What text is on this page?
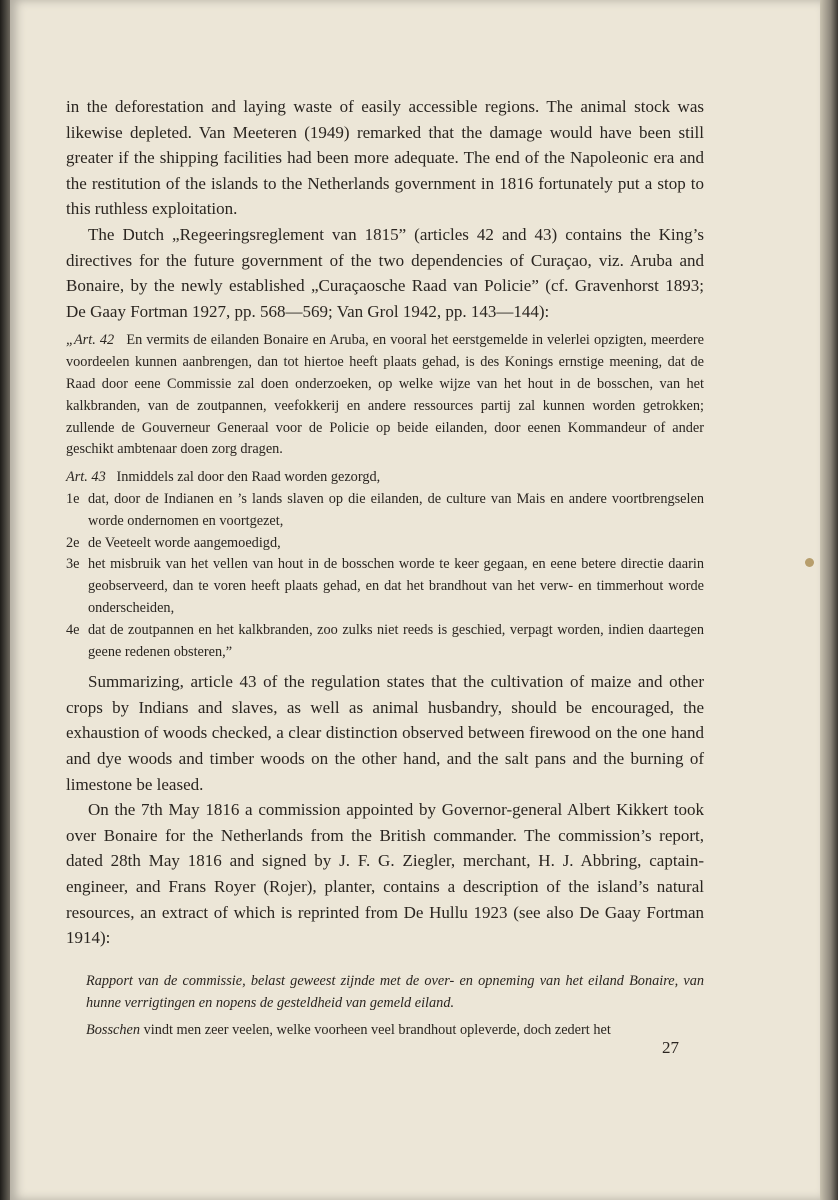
in the deforestation and laying waste of easily accessible regions. The animal stock was likewise depleted. Van Meeteren (1949) remarked that the damage would have been still greater if the shipping facilities had been more adequate. The end of the Napoleonic era and the restitution of the islands to the Netherlands government in 1816 fortunately put a stop to this ruthless exploitation.

The Dutch „Regeeringsreglement van 1815” (articles 42 and 43) contains the King’s directives for the future government of the two dependencies of Curaçao, viz. Aruba and Bonaire, by the newly established „Curaçaosche Raad van Policie” (cf. Gravenhorst 1893; De Gaay Fortman 1927, pp. 568—569; Van Grol 1942, pp. 143—144):

„Art. 42 En vermits de eilanden Bonaire en Aruba, en vooral het eerstgemelde in velerlei opzigten, meerdere voordeelen kunnen aanbrengen, dan tot hiertoe heeft plaats gehad, is des Konings ernstige meening, dat de Raad door eene Commissie zal doen onderzoeken, op welke wijze van het hout in de bosschen, van het kalkbranden, van de zoutpannen, veefokkerij en andere ressources partij zal kunnen worden getrokken; zullende de Gouverneur Generaal voor de Policie op beide eilanden, door eenen Kommandeur of ander geschikt ambtenaar doen zorg dragen.

Art. 43 Inmiddels zal door den Raad worden gezorgd,

1e dat, door de Indianen en ’s lands slaven op die eilanden, de culture van Mais en andere voortbrengselen worde ondernomen en voortgezet,
2e de Veeteelt worde aangemoedigd,
3e het misbruik van het vellen van hout in de bosschen worde te keer gegaan, en eene betere directie daarin geobserveerd, dan te voren heeft plaats gehad, en dat het brandhout van het verw- en timmerhout worde onderscheiden,
4e dat de zoutpannen en het kalkbranden, zoo zulks niet reeds is geschied, verpagt worden, indien daartegen geene redenen obsteren,”

Summarizing, article 43 of the regulation states that the cultivation of maize and other crops by Indians and slaves, as well as animal husbandry, should be encouraged, the exhaustion of woods checked, a clear distinction observed between firewood on the one hand and dye woods and timber woods on the other hand, and the salt pans and the burning of limestone be leased.

On the 7th May 1816 a commission appointed by Governor-general Albert Kikkert took over Bonaire for the Netherlands from the British commander. The commission’s report, dated 28th May 1816 and signed by J. F. G. Ziegler, merchant, H. J. Abbring, captain-engineer, and Frans Royer (Rojer), planter, contains a description of the island’s natural resources, an extract of which is reprinted from De Hullu 1923 (see also De Gaay Fortman 1914):

Rapport van de commissie, belast geweest zijnde met de over- en opneming van het eiland Bonaire, van hunne verrigtingen en nopens de gesteldheid van gemeld eiland.

Bosschen vindt men zeer veelen, welke voorheen veel brandhout opleverde, doch zedert het

27
